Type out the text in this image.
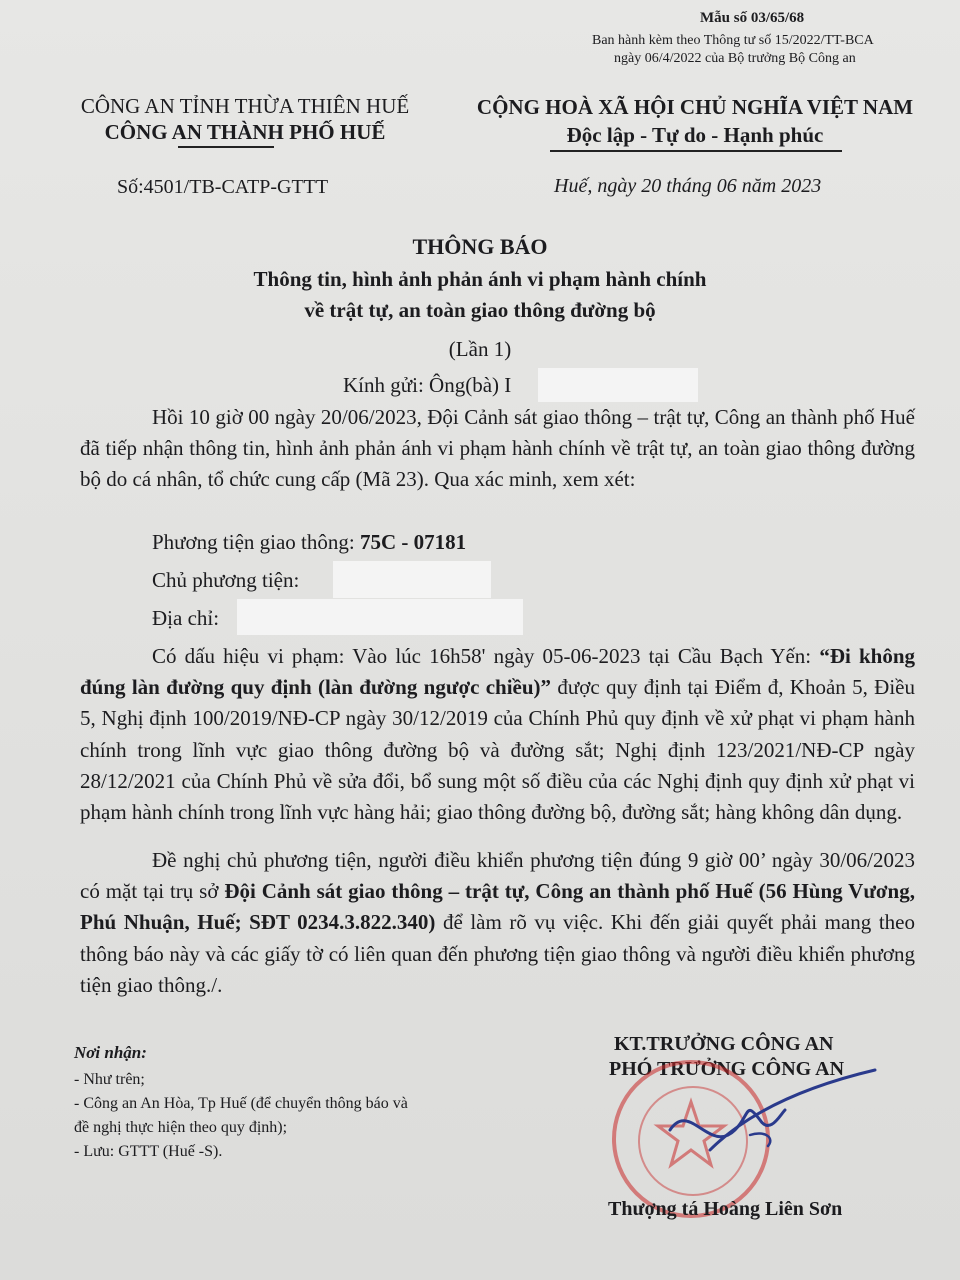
Mẫu số 03/65/68
Ban hành kèm theo Thông tư số 15/2022/TT-BCA
ngày 06/4/2022 của Bộ trưởng Bộ Công an
CÔNG AN TỈNH THỪA THIÊN HUẾ
CÔNG AN THÀNH PHỐ HUẾ
Số:4501/TB-CATP-GTTT
CỘNG HOÀ XÃ HỘI CHỦ NGHĨA VIỆT NAM
Độc lập - Tự do - Hạnh phúc
Huế, ngày 20 tháng 06 năm 2023
THÔNG BÁO
Thông tin, hình ảnh phản ánh vi phạm hành chính
về trật tự, an toàn giao thông đường bộ
(Lần 1)
Kính gửi: Ông(bà) I
Hồi 10 giờ 00 ngày 20/06/2023, Đội Cảnh sát giao thông – trật tự, Công an thành phố Huế đã tiếp nhận thông tin, hình ảnh phản ánh vi phạm hành chính về trật tự, an toàn giao thông đường bộ do cá nhân, tổ chức cung cấp (Mã 23). Qua xác minh, xem xét:
Phương tiện giao thông: 75C - 07181
Chủ phương tiện:
Địa chỉ:
Có dấu hiệu vi phạm: Vào lúc 16h58' ngày 05-06-2023 tại Cầu Bạch Yến: “Đi không đúng làn đường quy định (làn đường ngược chiều)” được quy định tại Điểm đ, Khoản 5, Điều 5, Nghị định 100/2019/NĐ-CP ngày 30/12/2019 của Chính Phủ quy định về xử phạt vi phạm hành chính trong lĩnh vực giao thông đường bộ và đường sắt; Nghị định 123/2021/NĐ-CP ngày 28/12/2021 của Chính Phủ về sửa đổi, bổ sung một số điều của các Nghị định quy định xử phạt vi phạm hành chính trong lĩnh vực hàng hải; giao thông đường bộ, đường sắt; hàng không dân dụng.
Đề nghị chủ phương tiện, người điều khiển phương tiện đúng 9 giờ 00’ ngày 30/06/2023 có mặt tại trụ sở Đội Cảnh sát giao thông – trật tự, Công an thành phố Huế (56 Hùng Vương, Phú Nhuận, Huế; SĐT 0234.3.822.340) để làm rõ vụ việc. Khi đến giải quyết phải mang theo thông báo này và các giấy tờ có liên quan đến phương tiện giao thông và người điều khiển phương tiện giao thông./.
Nơi nhận:
- Như trên;
- Công an An Hòa, Tp Huế (để chuyển thông báo và
đề nghị thực hiện theo quy định);
- Lưu: GTTT (Huế -S).
KT.TRƯỞNG CÔNG AN
PHÓ TRƯỞNG CÔNG AN
Thượng tá Hoàng Liên Sơn
